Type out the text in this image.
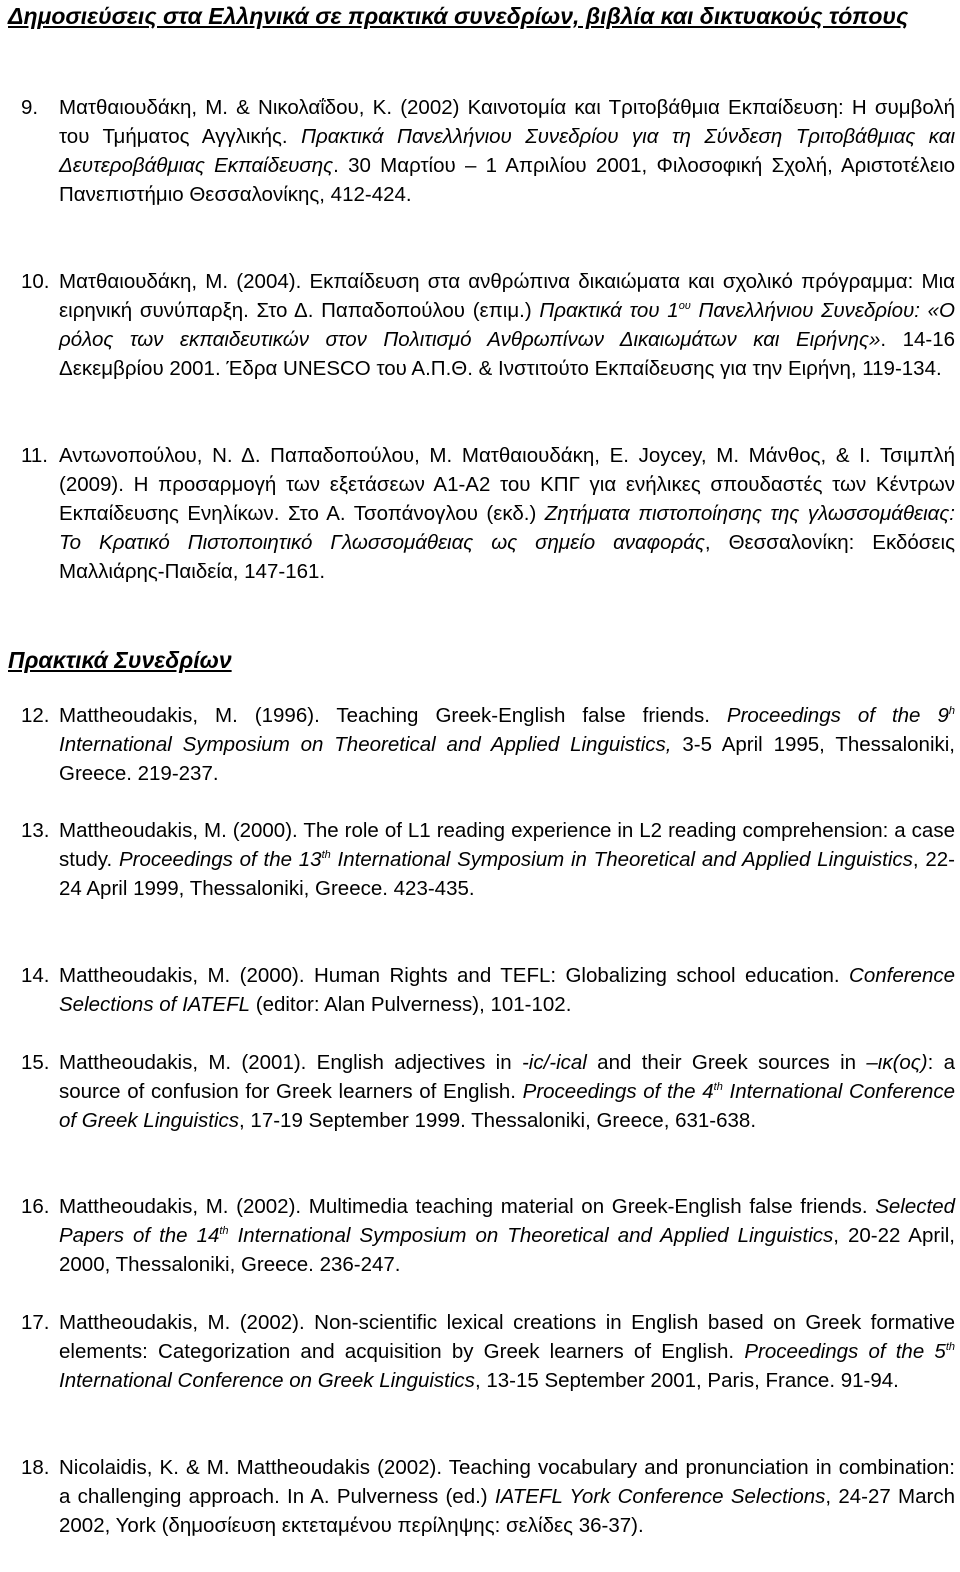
Δημοσιεύσεις στα Ελληνικά σε πρακτικά συνεδρίων, βιβλία και δικτυακούς τόπους
9. Ματθαιουδάκη, Μ. & Νικολαΐδου, Κ. (2002) Καινοτομία και Τριτοβάθμια Εκπαίδευση: Η συμβολή του Τμήματος Αγγλικής. Πρακτικά Πανελλήνιου Συνεδρίου για τη Σύνδεση Τριτοβάθμιας και Δευτεροβάθμιας Εκπαίδευσης. 30 Μαρτίου – 1 Απριλίου 2001, Φιλοσοφική Σχολή, Αριστοτέλειο Πανεπιστήμιο Θεσσαλονίκης, 412-424.
10. Ματθαιουδάκη, Μ. (2004). Εκπαίδευση στα ανθρώπινα δικαιώματα και σχολικό πρόγραμμα: Μια ειρηνική συνύπαρξη. Στο Δ. Παπαδοπούλου (επιμ.) Πρακτικά του $1^{o\upsilon}$ Πανελλήνιου Συνεδρίου: «Ο ρόλος των εκπαιδευτικών στον Πολιτισμό Ανθρωπίνων Δικαιωμάτων και Ειρήνης». 14-16 Δεκεμβρίου 2001. Έδρα UNESCO του Α.Π.Θ. & Ινστιτούτο Εκπαίδευσης για την Ειρήνη, 119-134.
11. Αντωνοπούλου, Ν. Δ. Παπαδοπούλου, Μ. Ματθαιουδάκη, Ε. Joycey, Μ. Μάνθος, & Ι. Τσιμπλή (2009). Η προσαρμογή των εξετάσεων Α1-Α2 του ΚΠΓ για ενήλικες σπουδαστές των Κέντρων Εκπαίδευσης Ενηλίκων. Στο Α. Τσοπάνογλου (εκδ.) Ζητήματα πιστοποίησης της γλωσσομάθειας: Το Κρατικό Πιστοποιητικό Γλωσσομάθειας ως σημείο αναφοράς, Θεσσαλονίκη: Εκδόσεις Μαλλιάρης-Παιδεία, 147-161.
Πρακτικά Συνεδρίων
12. Mattheoudakis, M. (1996). Teaching Greek-English false friends. Proceedings of the 9$^h$ International Symposium on Theoretical and Applied Linguistics, 3-5 April 1995, Thessaloniki, Greece. 219-237.
13. Mattheoudakis, M. (2000). The role of L1 reading experience in L2 reading comprehension: a case study. Proceedings of the 13th International Symposium in Theoretical and Applied Linguistics, 22-24 April 1999, Thessaloniki, Greece. 423-435.
14. Mattheoudakis, M. (2000). Human Rights and TEFL: Globalizing school education. Conference Selections of IATEFL (editor: Alan Pulverness), 101-102.
15. Mattheoudakis, M. (2001). English adjectives in -ic/-ical and their Greek sources in –ικ(ος): a source of confusion for Greek learners of English. Proceedings of the 4th International Conference of Greek Linguistics, 17-19 September 1999. Thessaloniki, Greece, 631-638.
16. Mattheoudakis, M. (2002). Multimedia teaching material on Greek-English false friends. Selected Papers of the 14th International Symposium on Theoretical and Applied Linguistics, 20-22 April, 2000, Thessaloniki, Greece. 236-247.
17. Mattheoudakis, M. (2002). Non-scientific lexical creations in English based on Greek formative elements: Categorization and acquisition by Greek learners of English. Proceedings of the 5th International Conference on Greek Linguistics, 13-15 September 2001, Paris, France. 91-94.
18. Nicolaidis, K. & M. Mattheoudakis (2002). Teaching vocabulary and pronunciation in combination: a challenging approach. In A. Pulverness (ed.) IATEFL York Conference Selections, 24-27 March 2002, York (δημοσίευση εκτεταμένου περίληψης: σελίδες 36-37).
